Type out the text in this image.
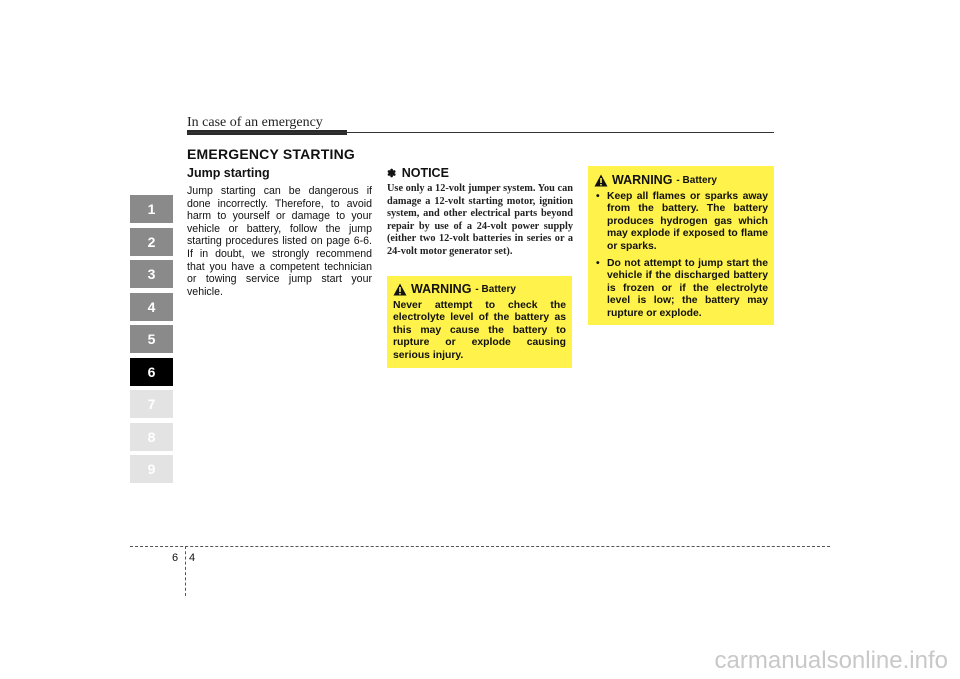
In case of an emergency
EMERGENCY STARTING
1
2
3
4
5
6
7
8
9
Jump starting
Jump starting can be dangerous if done incorrectly. Therefore, to avoid harm to yourself or damage to your vehicle or battery, follow the jump starting procedures listed on page 6-6. If in doubt, we strongly recommend that you have a competent technician or towing service jump start your vehicle.
✽ NOTICE
Use only a 12-volt jumper system. You can damage a 12-volt starting motor, ignition system, and other electrical parts beyond repair by use of a 24-volt power supply (either two 12-volt batteries in series or a 24-volt motor generator set).
WARNING - Battery
Never attempt to check the electrolyte level of the battery as this may cause the battery to rupture or explode causing serious injury.
WARNING - Battery
• Keep all flames or sparks away from the battery. The battery produces hydrogen gas which may explode if exposed to flame or sparks.
• Do not attempt to jump start the vehicle if the discharged battery is frozen or if the electrolyte level is low; the battery may rupture or explode.
6 4
carmanualsonline.info
